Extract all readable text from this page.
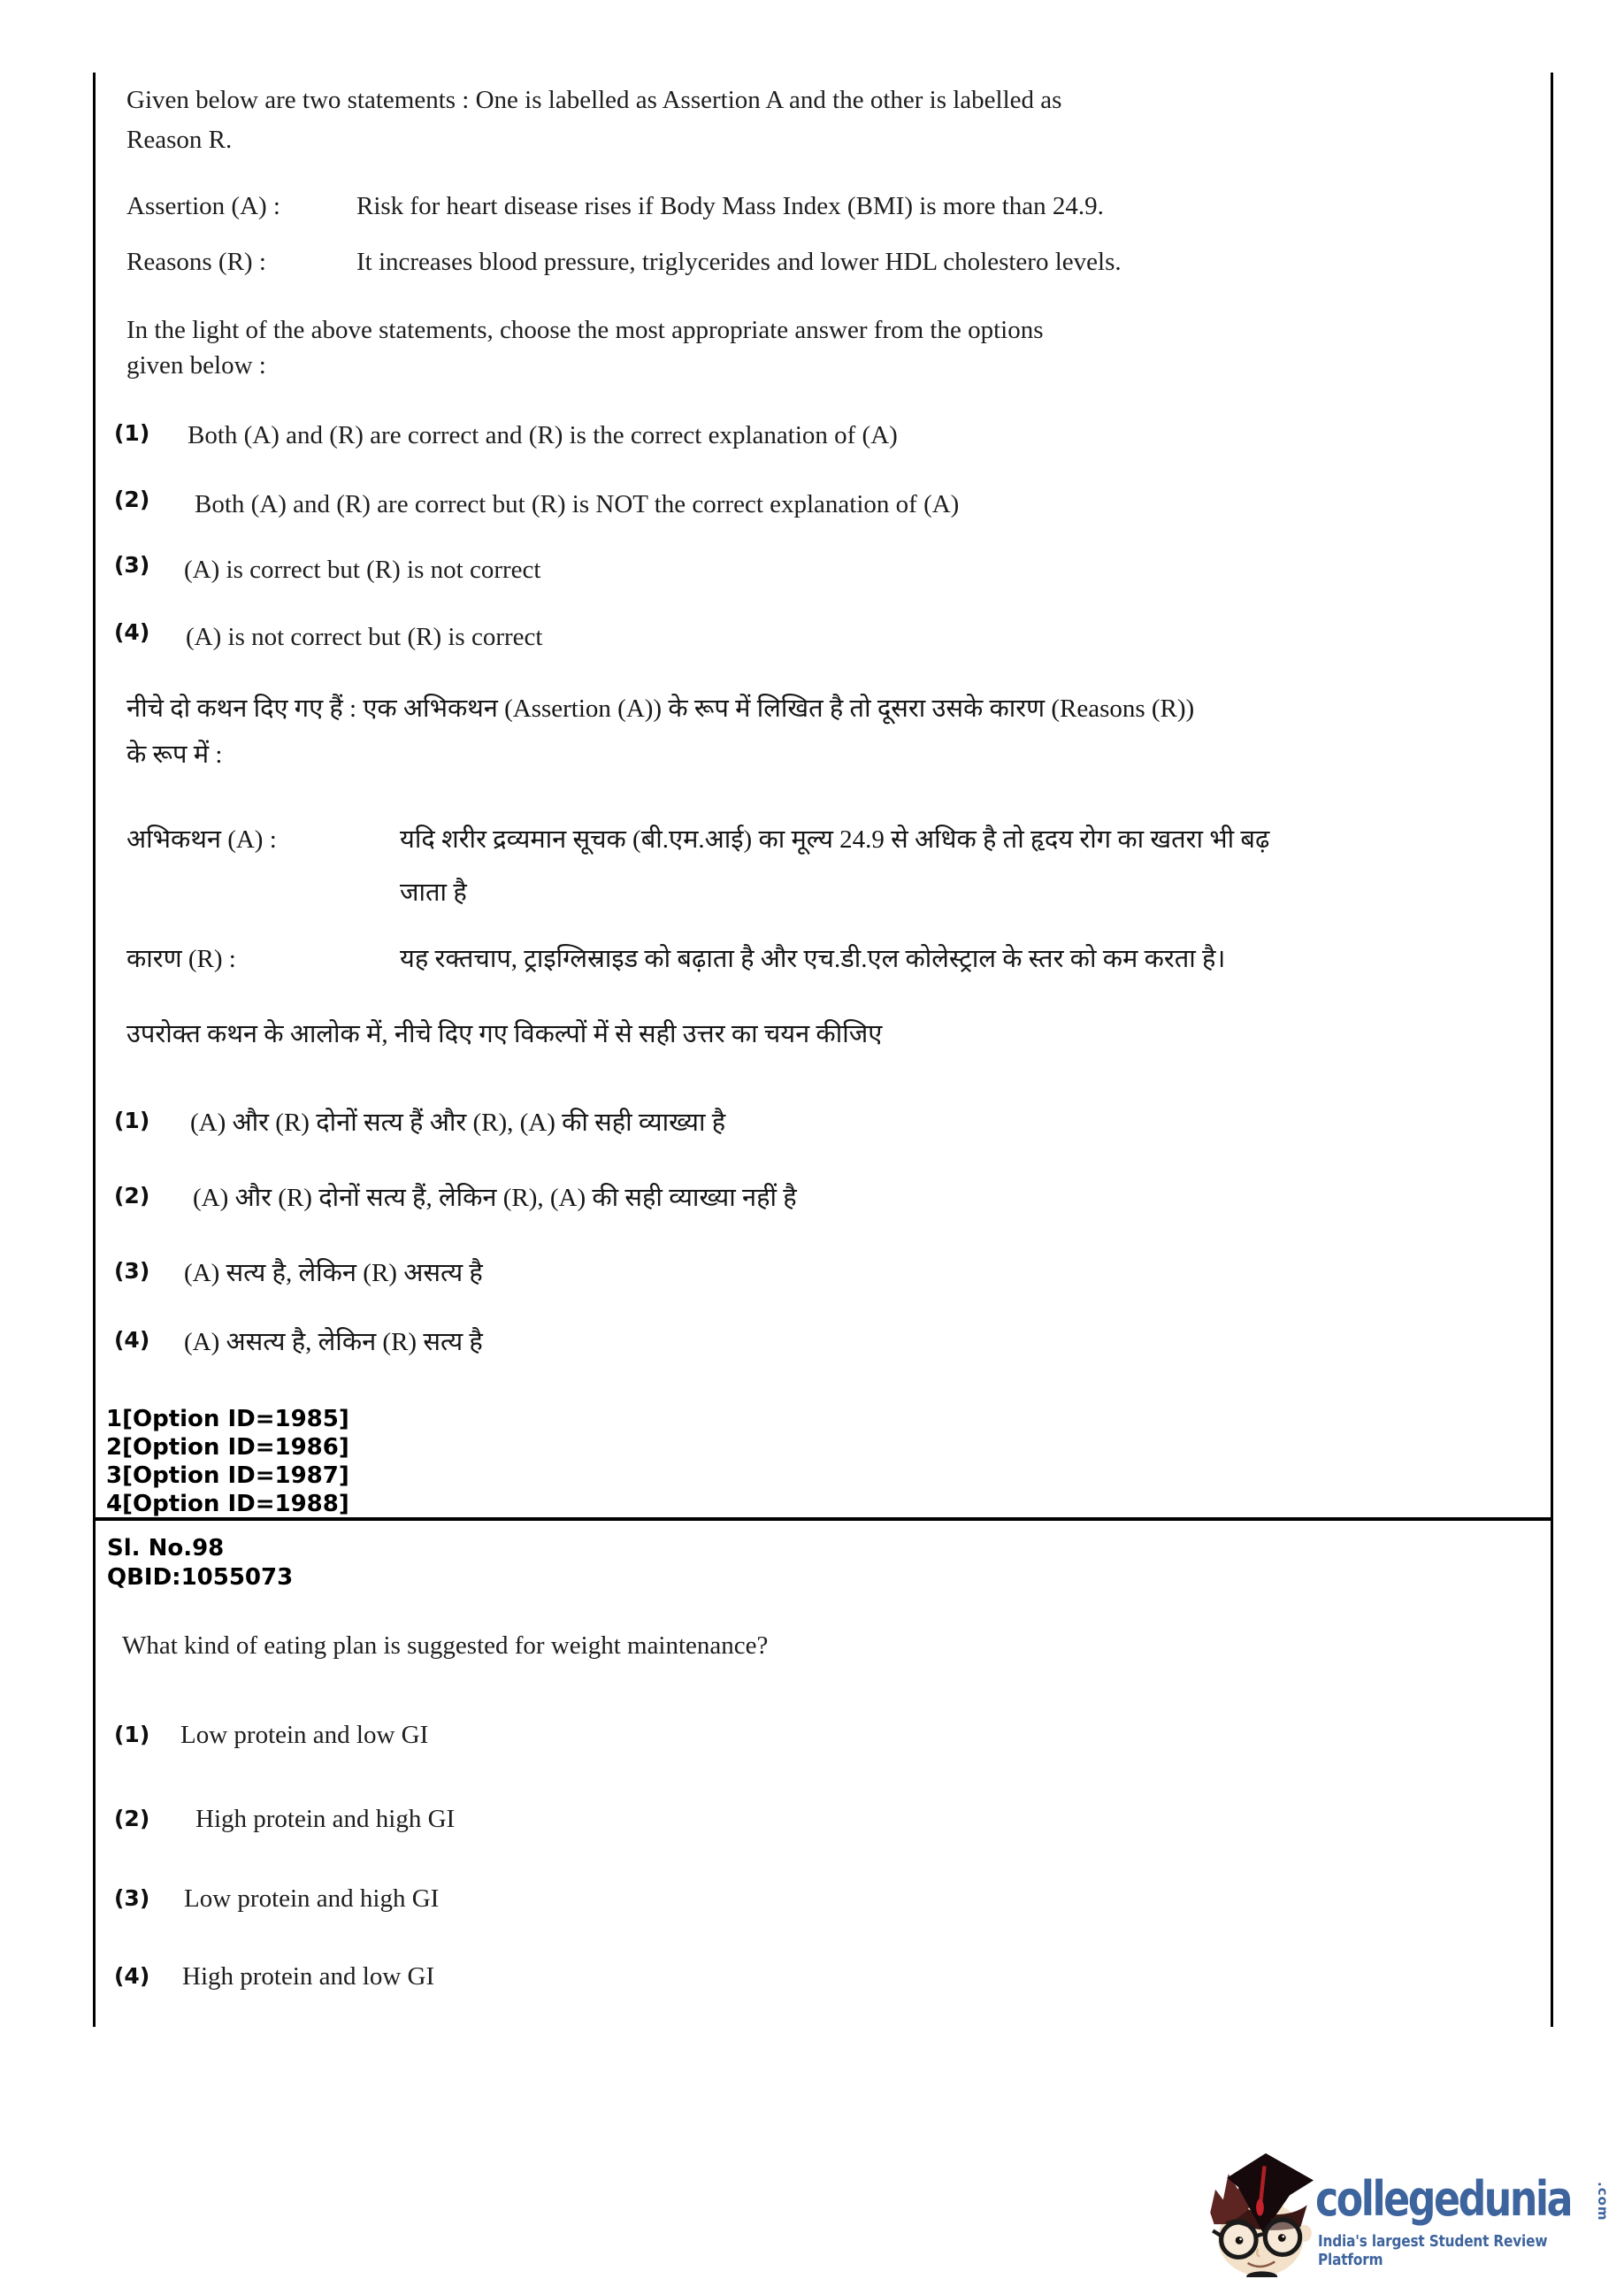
Given below are two statements : One is labelled as Assertion A and the other is labelled as
Reason R.
Assertion (A) :	Risk for heart disease rises if Body Mass Index (BMI) is more than 24.9.
Reasons (R) :	It increases blood pressure, triglycerides and lower HDL cholestero levels.
In the light of the above statements, choose the most appropriate answer from the options
given below :
(1) Both (A) and (R) are correct and (R) is the correct explanation of (A)
(2) Both (A) and (R) are correct but (R) is NOT the correct explanation of (A)
(3) (A) is correct but (R) is not correct
(4) (A) is not correct but (R) is correct
नीचे दो कथन दिए गए हैं : एक अभिकथन (Assertion (A)) के रूप में लिखित है तो दूसरा उसके कारण (Reasons (R))
के रूप में :
अभिकथन (A) :	यदि शरीर द्रव्यमान सूचक (बी.एम.आई) का मूल्य 24.9 से अधिक है तो हृदय रोग का खतरा भी बढ़
जाता है
कारण (R) :	यह रक्तचाप, ट्राइग्लिस्राइड को बढ़ाता है और एच.डी.एल कोलेस्ट्राल के स्तर को कम करता है।
उपरोक्त कथन के आलोक में, नीचे दिए गए विकल्पों में से सही उत्तर का चयन कीजिए
(1) (A) और (R) दोनों सत्य हैं और (R), (A) की सही व्याख्या है
(2) (A) और (R) दोनों सत्य हैं, लेकिन (R), (A) की सही व्याख्या नहीं है
(3) (A) सत्य है, लेकिन (R) असत्य है
(4) (A) असत्य है, लेकिन (R) सत्य है
1[Option ID=1985]
2[Option ID=1986]
3[Option ID=1987]
4[Option ID=1988]
Sl. No.98
QBID:1055073
What kind of eating plan is suggested for weight maintenance?
(1) Low protein and low GI
(2) High protein and high GI
(3) Low protein and high GI
(4) High protein and low GI
collegedunia .com
India's largest Student Review Platform
